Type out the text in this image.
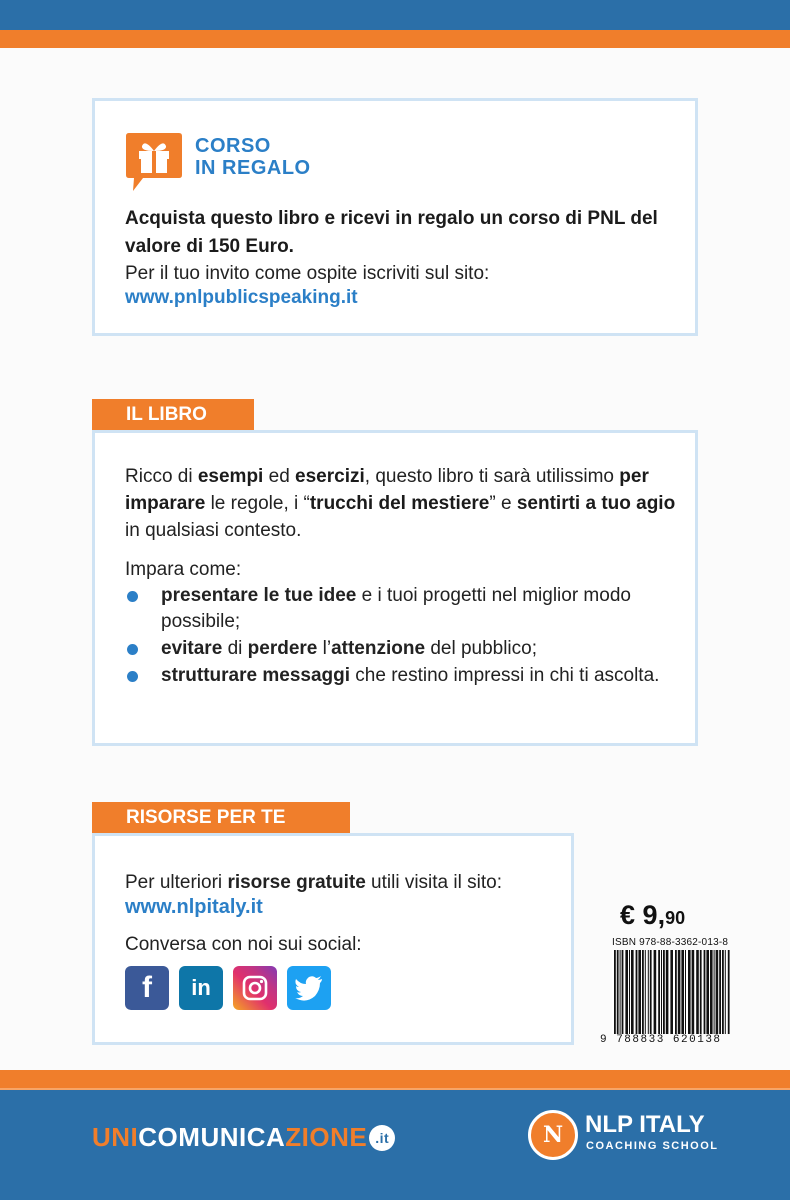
CORSO
IN REGALO
Acquista questo libro e ricevi in regalo un corso di PNL del valore di 150 Euro.
Per il tuo invito come ospite iscriviti sul sito:
www.pnlpublicspeaking.it
IL LIBRO
Ricco di esempi ed esercizi, questo libro ti sarà utilissimo per imparare le regole, i “trucchi del mestiere” e sentirti a tuo agio in qualsiasi contesto.
Impara come:
presentare le tue idee e i tuoi progetti nel miglior modo possibile;
evitare di perdere l’attenzione del pubblico;
strutturare messaggi che restino impressi in chi ti ascolta.
RISORSE PER TE
Per ulteriori risorse gratuite utili visita il sito:
www.nlpitaly.it
Conversa con noi sui social:
f	in
€ 9,90
ISBN 978-88-3362-013-8
9 788833 620138
UNICOMUNICAZIONE .it	N NLP ITALY
COACHING SCHOOL
